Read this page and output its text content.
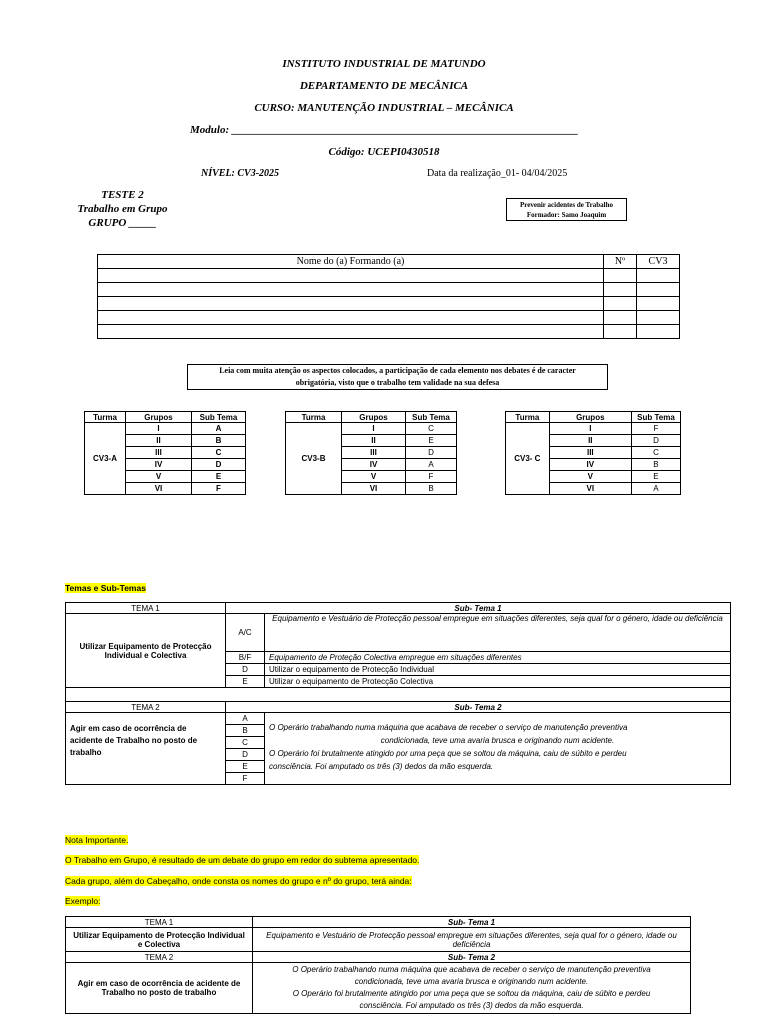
INSTITUTO INDUSTRIAL DE MATUNDO
DEPARTAMENTO DE MECÂNICA
CURSO: MANUTENÇÃO INDUSTRIAL – MECÂNICA
Modulo: _______________________________________________________________
Código: UCEPI0430518
NÍVEL: CV3-2025	Data da realização_01- 04/04/2025
TESTE 2
Trabalho em Grupo
GRUPO _____
Prevenir acidentes de Trabalho
Formador: Samo Joaquim
Nome do (a) Formando (a)	Nº	CV3

Leia com muita atenção os aspectos colocados, a participação de cada elemento nos debates é de caracter
obrigatória, visto que o trabalho tem validade na sua defesa
Turma	Grupos	Sub Tema
CV3-A	I	A
	II	B
	III	C
	IV	D
	V	E
	VI	F
Turma	Grupos	Sub Tema
CV3-B	I	C
	II	E
	III	D
	IV	A
	V	F
	VI	B
Turma	Grupos	Sub Tema
CV3- C	I	F
	II	D
	III	C
	IV	B
	V	E
	VI	A
Temas e Sub-Temas
TEMA 1	Sub- Tema 1	
Utilizar Equipamento de Protecção Individual e Colectiva	A/C	Equipamento e Vestuário de Protecção pessoal empregue em situações diferentes, seja qual for o género, idade ou deficiência
	B/F	Equipamento de Proteção Colectiva empregue em situações diferentes
	D	Utilizar o equipamento de Protecção Individual
	E	Utilizar o equipamento de Protecção Colectiva

TEMA 2	Sub- Tema 2	
Agir em caso de ocorrência de acidente de Trabalho no posto de trabalho	A	O Operário trabalhando numa máquina que acabava de receber o serviço de manutenção preventiva
condicionada, teve uma avaria brusca e originando num acidente.
O Operário foi brutalmente atingido por uma peça que se soltou da máquina, caiu de súbito e perdeu
consciência. Foi amputado os três (3) dedos da mão esquerda.

	B	
	C	
	D	
	E	
	F	
Nota Importante.
O Trabalho em Grupo, é resultado de um debate do grupo em redor do subtema apresentado.
Cada grupo, além do Cabeçalho, onde consta os nomes do grupo e nº do grupo, terá ainda:
Exemplo:
TEMA 1	Sub- Tema 1
Utilizar Equipamento de Protecção Individual e Colectiva	Equipamento e Vestuário de Protecção pessoal empregue em situações diferentes, seja qual for o género, idade ou deficiência
TEMA 2	Sub- Tema 2
Agir em caso de ocorrência de acidente de Trabalho no posto de trabalho	O Operário trabalhando numa máquina que acabava de receber o serviço de manutenção preventiva
condicionada, teve uma avaria brusca e originando num acidente.
O Operário foi brutalmente atingido por uma peça que se soltou da máquina, caiu de súbito e perdeu
consciência. Foi amputado os três (3) dedos da mão esquerda.
